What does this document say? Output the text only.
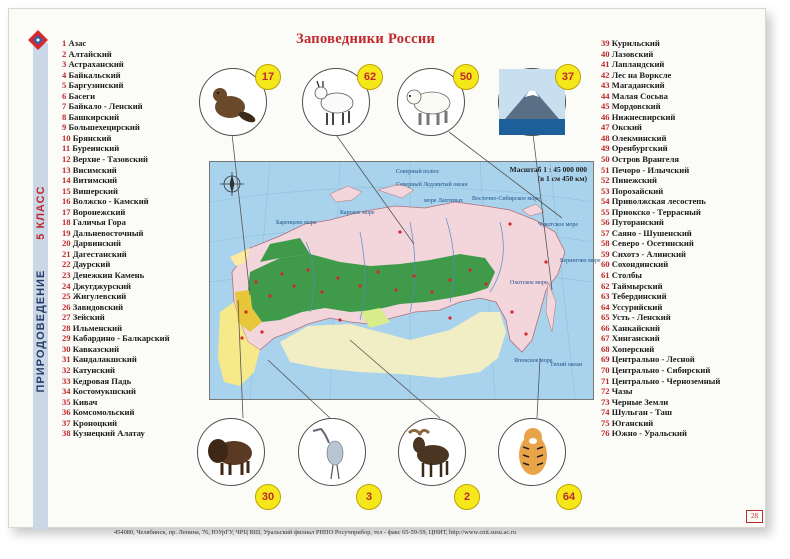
ПРИРОДОВЕДЕНИЕ5 КЛАСС
Заповедники России
1 Азас
2 Алтайский
3 Астраханский
4 Байкальский
5 Баргузинский
6 Басеги
7 Байкало - Ленский
8 Башкирский
9 Большехецирский
10 Брянский
11 Буреинский
12 Верхне - Тазовский
13 Висимский
14 Витимский
15 Вишерский
16 Волжско - Камский
17 Воронежский
18 Галичья Гора
19 Дальневосточный
20 Дарвинский
21 Дагестанский
22 Даурский
23 Денежкин Камень
24 Джугджурский
25 Жигулевский
26 Завидовский
27 Зейский
28 Ильменский
29 Кабардино - Балкарский
30 Кавказский
31 Кандалакшский
32 Катунский
33 Кедровая Падь
34 Костомукшский
35 Кивач
36 Комсомольский
37 Кроноцкий
38 Кузнецкий Алатау
39 Курильский
40 Лазовский
41 Лапландский
42 Лес на Ворксле
43 Магаданский
44 Малая Сосьва
45 Мордовский
46 Нижнесвирский
47 Окский
48 Олекминский
49 Оренбургский
50 Остров Врангеля
51 Печоро - Илычский
52 Пинежский
53 Порозайский
54 Приволжская лесостепь
55 Приокско - Террасный
56 Путоранский
57 Саяно - Шушенский
58 Северо - Осетинский
59 Сихотэ - Алинский
60 Сохондинский
61 Столбы
62 Таймырский
63 Тебердинский
64 Уссурийский
65 Усть - Ленский
66 Ханкайский
67 Хинганский
68 Хоперский
69 Центрально - Лесной
70 Центрально - Сибирский
71 Центрально - Черноземный
72 Чазы
73 Черные Земли
74 Шульган - Таш
75 Юганский
76 Южно - Уральский
Масштаб 1 : 45 000 000
(в 1 см 450 км)
Северный полюс
Северный Ледовитый океан
Баренцево море
Карское море
море Лаптевых Восточно-Сибирское море
Чукотское море
Берингово море
Охотское море
Японское море
Тихий океан
17	62	50	37
30	3	2	64
454080, Челябинск, пр. Ленина, 76, ЮУрГУ, ЧРЦ ВШ, Уральский филиал РНПО Росучприбор, тел - факс 65-59-59, ЦНИТ, http://www.cnit.susu.ac.ru
28
